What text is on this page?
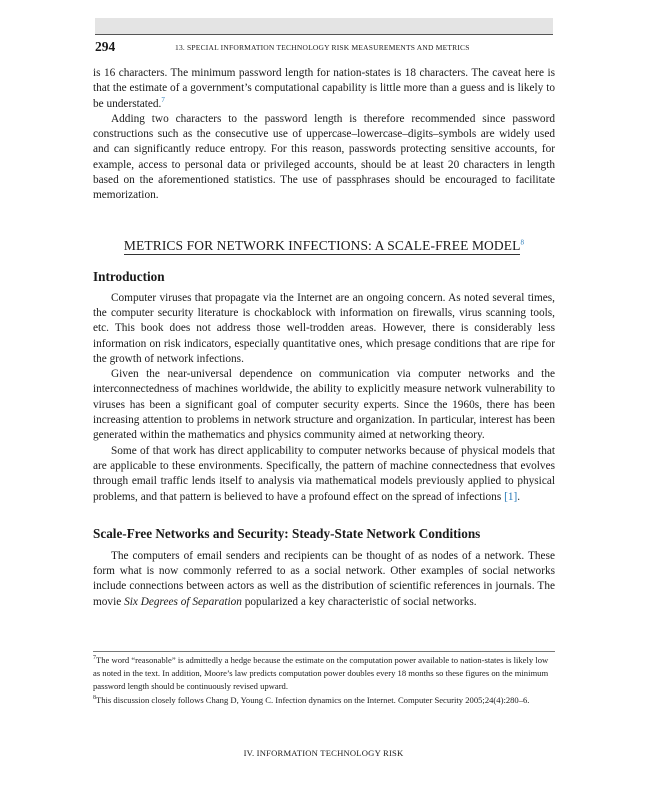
294	13. SPECIAL INFORMATION TECHNOLOGY RISK MEASUREMENTS AND METRICS

is 16 characters. The minimum password length for nation-states is 18 characters. The caveat here is that the estimate of a government’s computational capability is little more than a guess and is likely to be understated.$^7$

Adding two characters to the password length is therefore recommended since password constructions such as the consecutive use of uppercase–lowercase–digits–symbols are widely used and can significantly reduce entropy. For this reason, passwords protecting sensitive accounts, for example, access to personal data or privileged accounts, should be at least 20 characters in length based on the aforementioned statistics. The use of passphrases should be encouraged to facilitate memorization.

METRICS FOR NETWORK INFECTIONS: A SCALE-FREE MODEL$^8$
Introduction

Computer viruses that propagate via the Internet are an ongoing concern. As noted several times, the computer security literature is chockablock with information on firewalls, virus scanning tools, etc. This book does not address those well-trodden areas. However, there is considerably less information on risk indicators, especially quantitative ones, which presage conditions that are ripe for the growth of network infections.

Given the near-universal dependence on communication via computer networks and the interconnectedness of machines worldwide, the ability to explicitly measure network vulnerability to viruses has been a significant goal of computer security experts. Since the 1960s, there has been increasing attention to problems in network structure and organization. In particular, interest has been generated within the mathematics and physics community aimed at networking theory.

Some of that work has direct applicability to computer networks because of physical models that are applicable to these environments. Specifically, the pattern of machine connectedness that evolves through email traffic lends itself to analysis via mathematical models previously applied to physical problems, and that pattern is believed to have a profound effect on the spread of infections [1].

Scale-Free Networks and Security: Steady-State Network Conditions

The computers of email senders and recipients can be thought of as nodes of a network. These form what is now commonly referred to as a social network. Other examples of social networks include connections between actors as well as the distribution of scientific references in journals. The movie Six Degrees of Separation popularized a key characteristic of social networks.

$^7$The word “reasonable” is admittedly a hedge because the estimate on the computation power available to nation-states is likely low as noted in the text. In addition, Moore’s law predicts computation power doubles every 18 months so these figures on the minimum password length should be continuously revised upward.

$^8$This discussion closely follows Chang D, Young C. Infection dynamics on the Internet. Computer Security 2005;24(4):280–6.

IV. INFORMATION TECHNOLOGY RISK
